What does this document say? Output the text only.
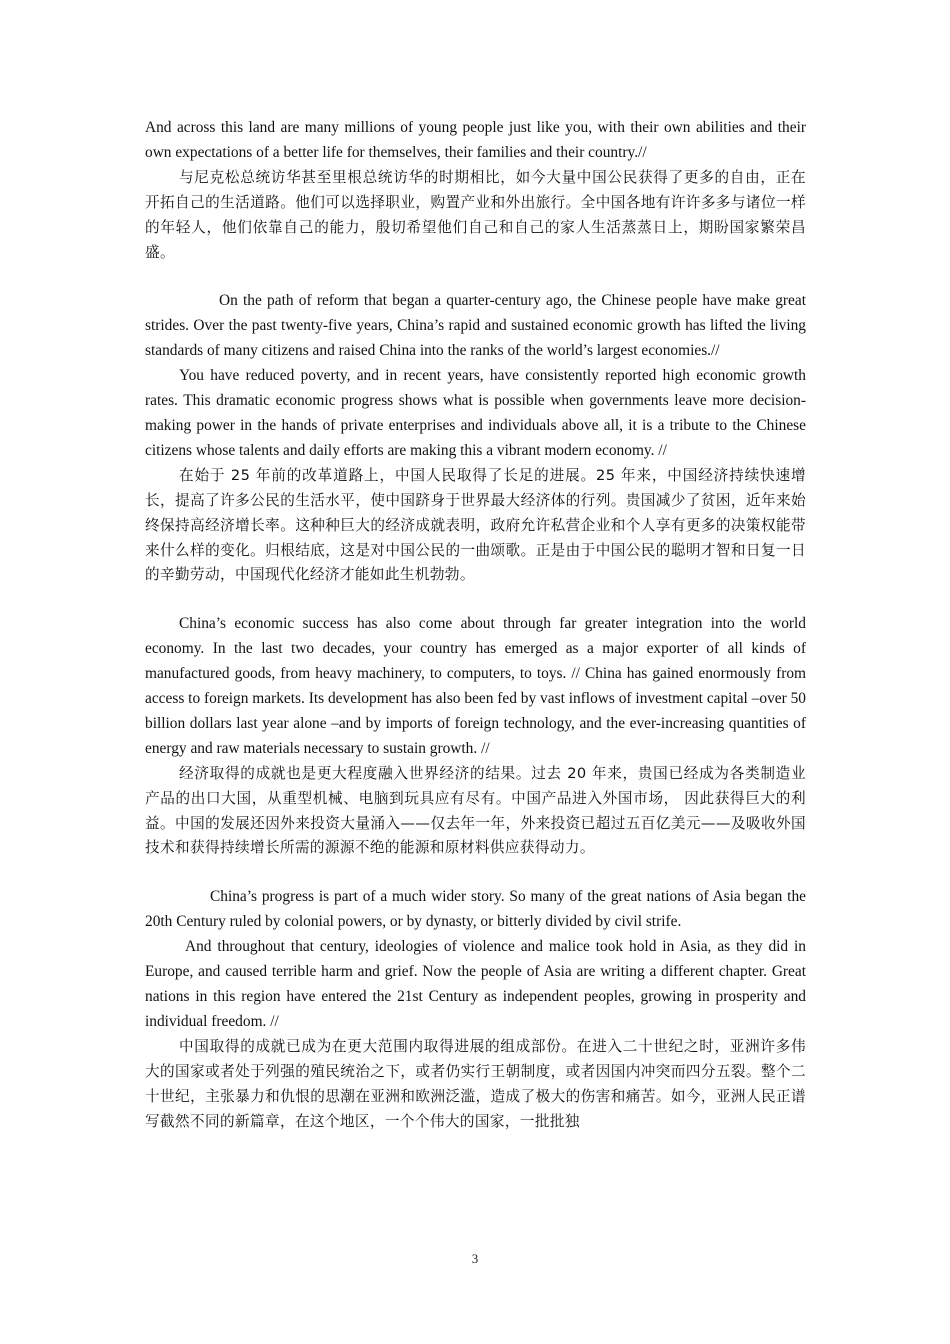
And across this land are many millions of young people just like you, with their own abilities and their own expectations of a better life for themselves, their families and their country.//

与尼克松总统访华甚至里根总统访华的时期相比，如今大量中国公民获得了更多的自由，正在开拓自己的生活道路。他们可以选择职业，购置产业和外出旅行。全中国各地有许许多多与诸位一样的年轻人，他们依靠自己的能力，殷切希望他们自己和自己的家人生活蒸蒸日上，期盼国家繁荣昌盛。

On the path of reform that began a quarter-century ago, the Chinese people have make great strides. Over the past twenty-five years, China’s rapid and sustained economic growth has lifted the living standards of many citizens and raised China into the ranks of the world’s largest economies.//

You have reduced poverty, and in recent years, have consistently reported high economic growth rates. This dramatic economic progress shows what is possible when governments leave more decision-making power in the hands of private enterprises and individuals above all, it is a tribute to the Chinese citizens whose talents and daily efforts are making this a vibrant modern economy. //

在始于 25 年前的改革道路上，中国人民取得了长足的进展。25 年来，中国经济持续快速增长，提高了许多公民的生活水平，使中国跻身于世界最大经济体的行列。贵国减少了贫困，近年来始终保持高经济增长率。这种种巨大的经济成就表明，政府允许私营企业和个人享有更多的决策权能带来什么样的变化。归根结底，这是对中国公民的一曲颂歌。正是由于中国公民的聪明才智和日复一日的辛勤劳动，中国现代化经济才能如此生机勃勃。

China’s economic success has also come about through far greater integration into the world economy. In the last two decades, your country has emerged as a major exporter of all kinds of manufactured goods, from heavy machinery, to computers, to toys. // China has gained enormously from access to foreign markets. Its development has also been fed by vast inflows of investment capital –over 50 billion dollars last year alone –and by imports of foreign technology, and the ever-increasing quantities of energy and raw materials necessary to sustain growth. //

经济取得的成就也是更大程度融入世界经济的结果。过去 20 年来，贵国已经成为各类制造业产品的出口大国，从重型机械、电脑到玩具应有尽有。中国产品进入外国市场， 因此获得巨大的利益。中国的发展还因外来投资大量涌入——仅去年一年，外来投资已超过五百亿美元——及吸收外国技术和获得持续增长所需的源源不绝的能源和原材料供应获得动力。

China’s progress is part of a much wider story. So many of the great nations of Asia began the 20th Century ruled by colonial powers, or by dynasty, or bitterly divided by civil strife.

And throughout that century, ideologies of violence and malice took hold in Asia, as they did in Europe, and caused terrible harm and grief. Now the people of Asia are writing a different chapter. Great nations in this region have entered the 21st Century as independent peoples, growing in prosperity and individual freedom. //

中国取得的成就已成为在更大范围内取得进展的组成部份。在进入二十世纪之时，亚洲许多伟大的国家或者处于列强的殖民统治之下，或者仍实行王朝制度，或者因国内冲突而四分五裂。整个二十世纪，主张暴力和仇恨的思潮在亚洲和欧洲泛滥，造成了极大的伤害和痛苦。如今，亚洲人民正谱写截然不同的新篇章，在这个地区，一个个伟大的国家，一批批独

3
